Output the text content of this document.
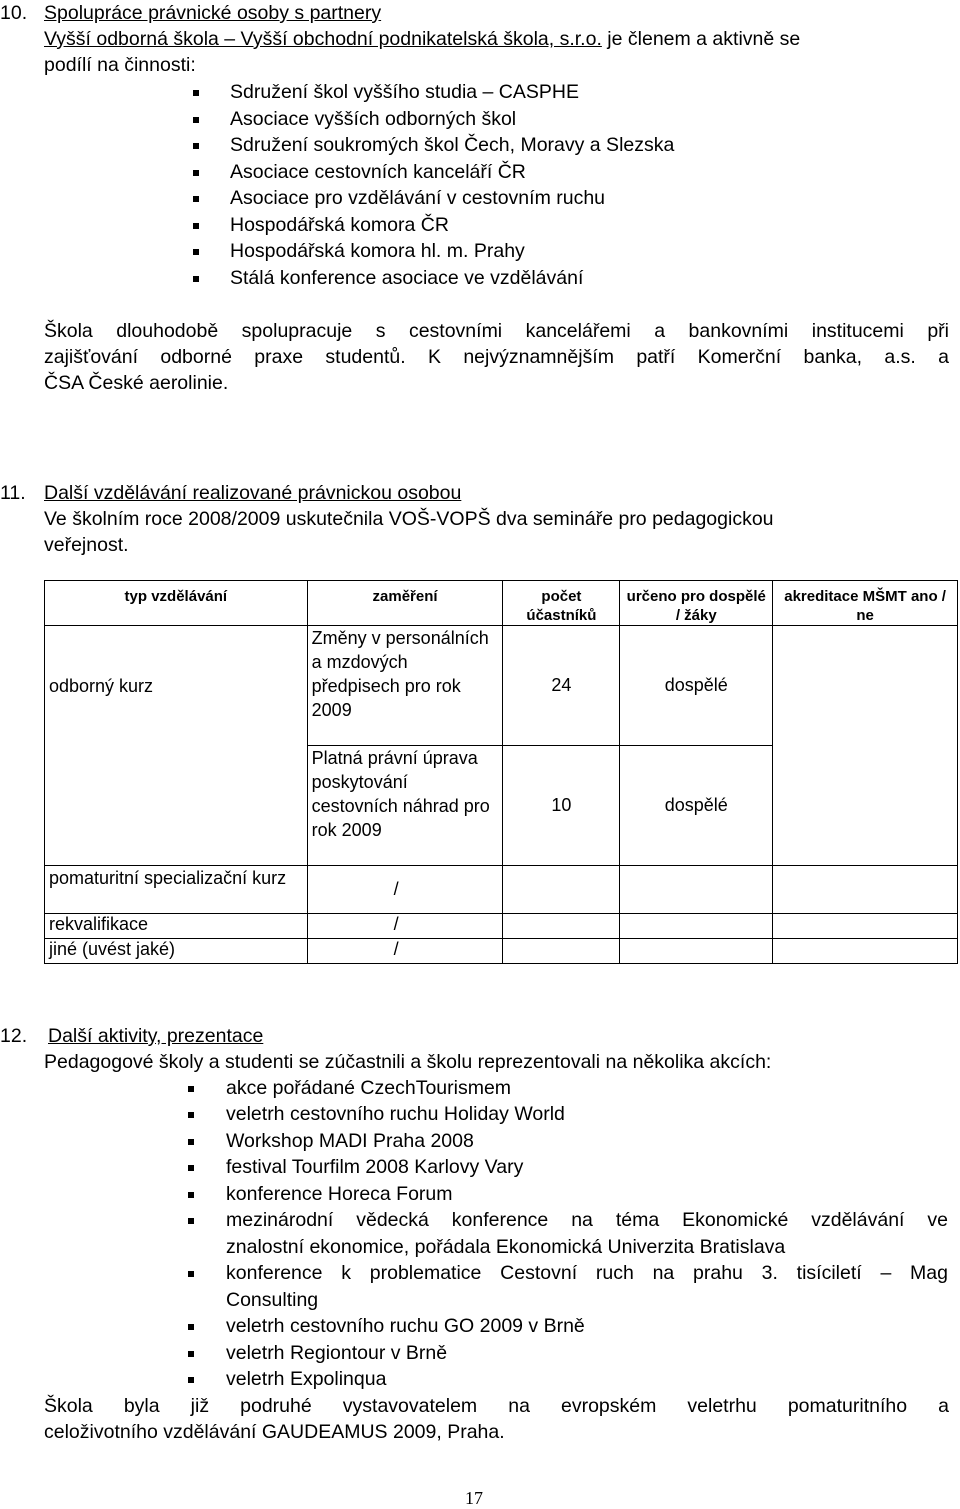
10. Spolupráce právnické osoby s partnery
Vyšší odborná škola – Vyšší obchodní podnikatelská škola, s.r.o. je členem a aktivně se
podílí na činnosti:
Sdružení škol vyššího studia – CASPHE
Asociace vyšších odborných škol
Sdružení soukromých škol Čech, Moravy a Slezska
Asociace cestovních kanceláří ČR
Asociace pro vzdělávání v cestovním ruchu
Hospodářská komora ČR
Hospodářská komora hl. m. Prahy
Stálá konference asociace ve vzdělávání
Škola dlouhodobě spolupracuje s cestovními kancelářemi a bankovními institucemi při
zajišťování odborné praxe studentů. K nejvýznamnějším patří Komerční banka, a.s. a
ČSA České aerolinie.
11. Další vzdělávání realizované právnickou osobou
Ve školním roce 2008/2009 uskutečnila VOŠ-VOPŠ dva semináře pro pedagogickou
veřejnost.
typ vzdělávání	zaměření	počet účastníků	určeno pro dospělé / žáky	akreditace MŠMT ano / ne

odborný kurz	Změny v personálních a mzdových předpisech pro rok 2009	24	dospělé	
	Platná právní úprava poskytování cestovních náhrad pro rok 2009	10	dospělé	
pomaturitní specializační kurz	/			
rekvalifikace	/			
jiné (uvést jaké)	/			
12. Další aktivity, prezentace
Pedagogové školy a studenti se zúčastnili a školu reprezentovali na několika akcích:
akce pořádané CzechTourismem
veletrh cestovního ruchu Holiday World
Workshop MADI Praha 2008
festival Tourfilm 2008 Karlovy Vary
konference Horeca Forum
mezinárodní vědecká konference na téma Ekonomické vzdělávání ve
znalostní ekonomice, pořádala Ekonomická Univerzita Bratislava
konference k problematice Cestovní ruch na prahu 3. tisíciletí – Mag
Consulting
veletrh cestovního ruchu GO 2009 v Brně
veletrh Regiontour v Brně
veletrh Expolinqua
Škola byla již podruhé vystavovatelem na evropském veletrhu pomaturitního a
celoživotního vzdělávání GAUDEAMUS 2009, Praha.
17
